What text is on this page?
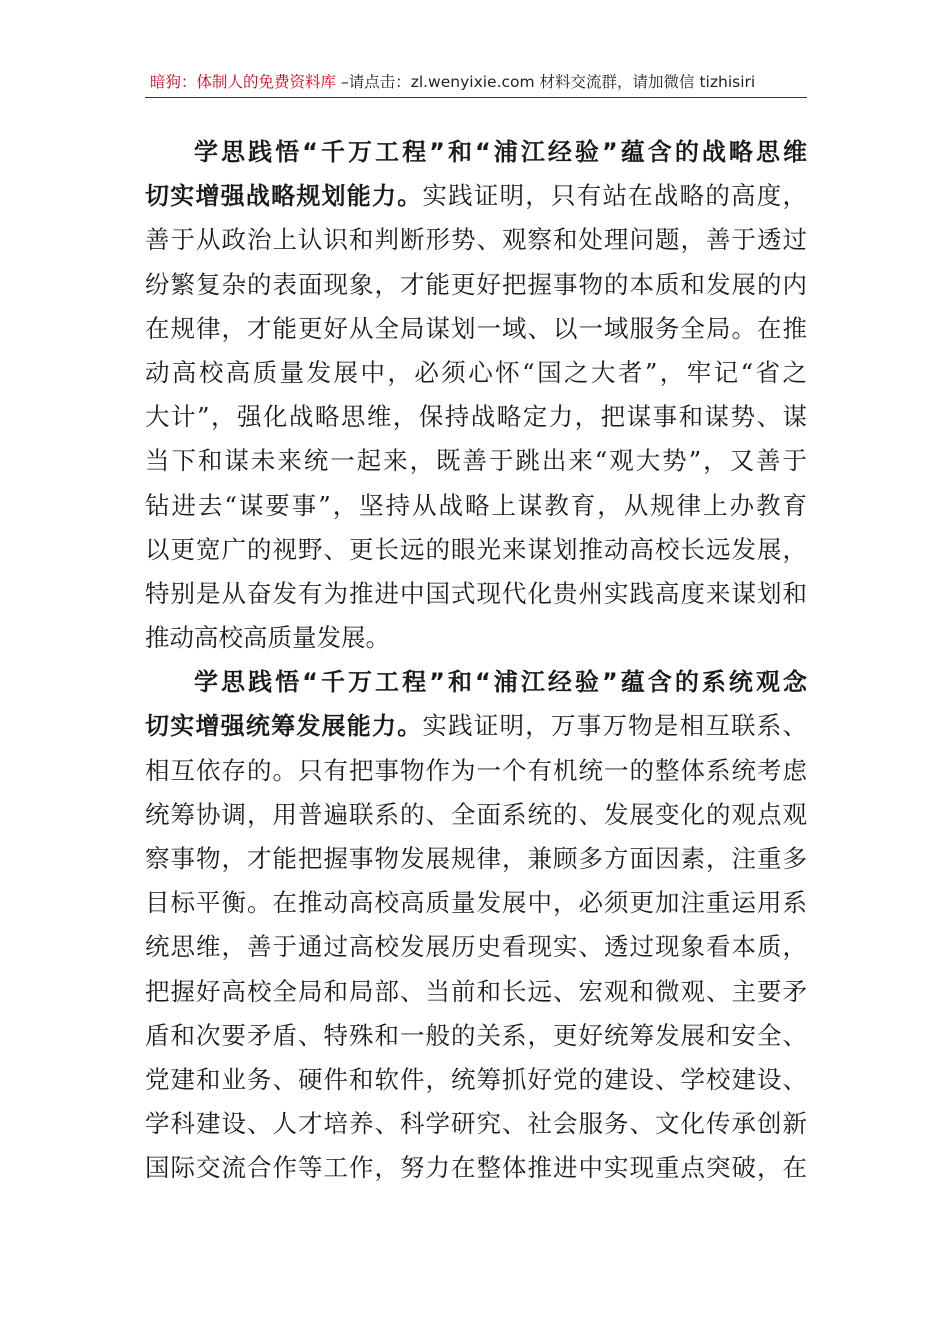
暗狗：体制人的免费资料库 –请点击：zl.wenyixie.com 材料交流群，请加微信 tizhisiri
学思践悟“千万工程”和“浦江经验”蕴含的战略思维
切实增强战略规划能力。实践证明，只有站在战略的高度，
善于从政治上认识和判断形势、观察和处理问题，善于透过
纷繁复杂的表面现象，才能更好把握事物的本质和发展的内
在规律，才能更好从全局谋划一域、以一域服务全局。在推
动高校高质量发展中，必须心怀“国之大者”，牢记“省之
大计”，强化战略思维，保持战略定力，把谋事和谋势、谋
当下和谋未来统一起来，既善于跳出来“观大势”，又善于
钻进去“谋要事”，坚持从战略上谋教育，从规律上办教育
以更宽广的视野、更长远的眼光来谋划推动高校长远发展，
特别是从奋发有为推进中国式现代化贵州实践高度来谋划和
推动高校高质量发展。
学思践悟“千万工程”和“浦江经验”蕴含的系统观念
切实增强统筹发展能力。实践证明，万事万物是相互联系、
相互依存的。只有把事物作为一个有机统一的整体系统考虑
统筹协调，用普遍联系的、全面系统的、发展变化的观点观
察事物，才能把握事物发展规律，兼顾多方面因素，注重多
目标平衡。在推动高校高质量发展中，必须更加注重运用系
统思维，善于通过高校发展历史看现实、透过现象看本质，
把握好高校全局和局部、当前和长远、宏观和微观、主要矛
盾和次要矛盾、特殊和一般的关系，更好统筹发展和安全、
党建和业务、硬件和软件，统筹抓好党的建设、学校建设、
学科建设、人才培养、科学研究、社会服务、文化传承创新
国际交流合作等工作，努力在整体推进中实现重点突破，在
